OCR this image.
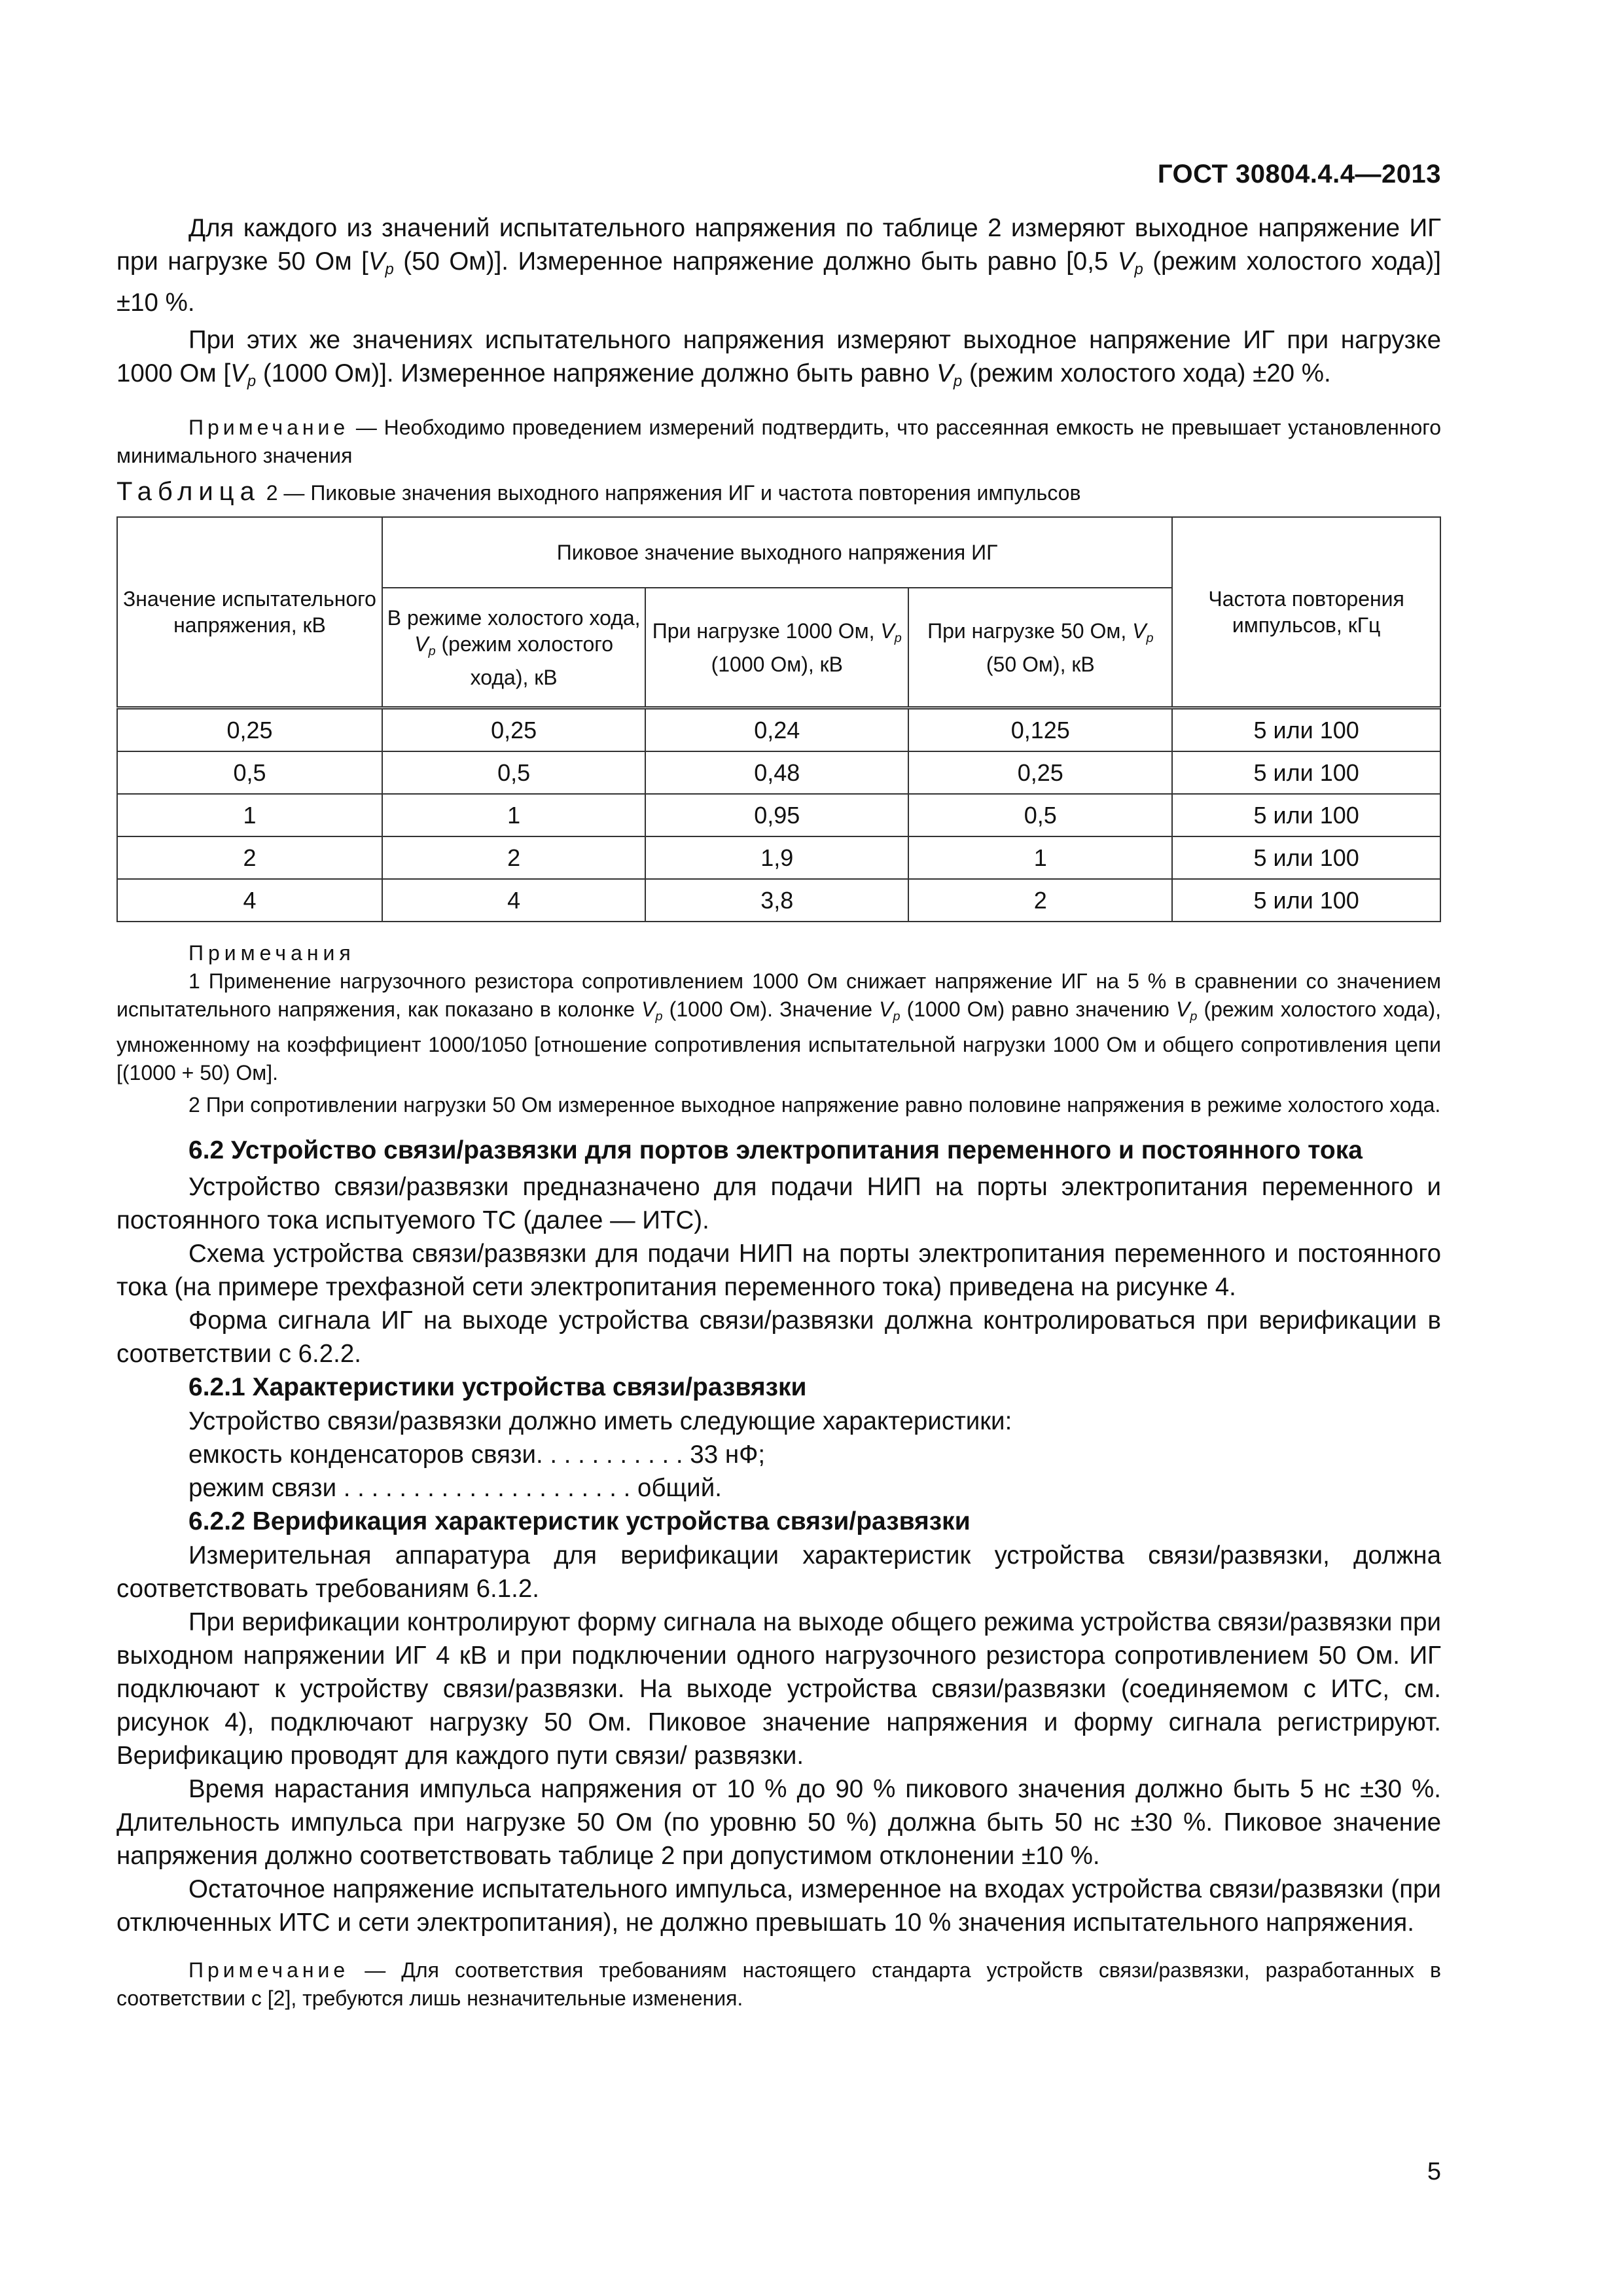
ГОСТ 30804.4.4—2013

Для каждого из значений испытательного напряжения по таблице 2 измеряют выходное напряжение ИГ при нагрузке 50 Ом [$V_p$ (50 Ом)]. Измеренное напряжение должно быть равно [0,5 $V_p$ (режим холостого хода)] ±10 %.

При этих же значениях испытательного напряжения измеряют выходное напряжение ИГ при нагрузке 1000 Ом [$V_p$ (1000 Ом)]. Измеренное напряжение должно быть равно $V_p$ (режим холостого хода) ±20 %.

Примечание — Необходимо проведением измерений подтвердить, что рассеянная емкость не превышает установленного минимального значения

Таблица 2 — Пиковые значения выходного напряжения ИГ и частота повторения импульсов

Значение испытательного напряжения, кВ	Пиковое значение выходного напряжения ИГ			Частота повторения импульсов, кГц
	В режиме холостого хода, $V_p$ (режим холостого хода), кВ	При нагрузке 1000 Ом, $V_p$ (1000 Ом), кВ	При нагрузке 50 Ом, $V_p$ (50 Ом), кВ	
0,25	0,25	0,24	0,125	5 или 100
0,5	0,5	0,48	0,25	5 или 100
1	1	0,95	0,5	5 или 100
2	2	1,9	1	5 или 100
4	4	3,8	2	5 или 100

Примечания

1 Применение нагрузочного резистора сопротивлением 1000 Ом снижает напряжение ИГ на 5 % в сравнении со значением испытательного напряжения, как показано в колонке $V_p$ (1000 Ом). Значение $V_p$ (1000 Ом) равно значению $V_p$ (режим холостого хода), умноженному на коэффициент 1000/1050 [отношение сопротивления испытательной нагрузки 1000 Ом и общего сопротивления цепи [(1000 + 50) Ом].

2 При сопротивлении нагрузки 50 Ом измеренное выходное напряжение равно половине напряжения в режиме холостого хода.

6.2 Устройство связи/развязки для портов электропитания переменного и постоянного тока

Устройство связи/развязки предназначено для подачи НИП на порты электропитания переменного и постоянного тока испытуемого ТС (далее — ИТС).

Схема устройства связи/развязки для подачи НИП на порты электропитания переменного и постоянного тока (на примере трехфазной сети электропитания переменного тока) приведена на рисунке 4.

Форма сигнала ИГ на выходе устройства связи/развязки должна контролироваться при верификации в соответствии с 6.2.2.

6.2.1 Характеристики устройства связи/развязки

Устройство связи/развязки должно иметь следующие характеристики:

емкость конденсаторов связи. . . . . . . . . . . 33 нФ;

режим связи . . . . . . . . . . . . . . . . . . . . . общий.

6.2.2 Верификация характеристик устройства связи/развязки

Измерительная аппаратура для верификации характеристик устройства связи/развязки, должна соответствовать требованиям 6.1.2.

При верификации контролируют форму сигнала на выходе общего режима устройства связи/развязки при выходном напряжении ИГ 4 кВ и при подключении одного нагрузочного резистора сопротивлением 50 Ом. ИГ подключают к устройству связи/развязки. На выходе устройства связи/развязки (соединяемом с ИТС, см. рисунок 4), подключают нагрузку 50 Ом. Пиковое значение напряжения и форму сигнала регистрируют. Верификацию проводят для каждого пути связи/ развязки.

Время нарастания импульса напряжения от 10 % до 90 % пикового значения должно быть 5 нс ±30 %. Длительность импульса при нагрузке 50 Ом (по уровню 50 %) должна быть 50 нс ±30 %. Пиковое значение напряжения должно соответствовать таблице 2 при допустимом отклонении ±10 %.

Остаточное напряжение испытательного импульса, измеренное на входах устройства связи/развязки (при отключенных ИТС и сети электропитания), не должно превышать 10 % значения испытательного напряжения.

Примечание — Для соответствия требованиям настоящего стандарта устройств связи/развязки, разработанных в соответствии с [2], требуются лишь незначительные изменения.

5
